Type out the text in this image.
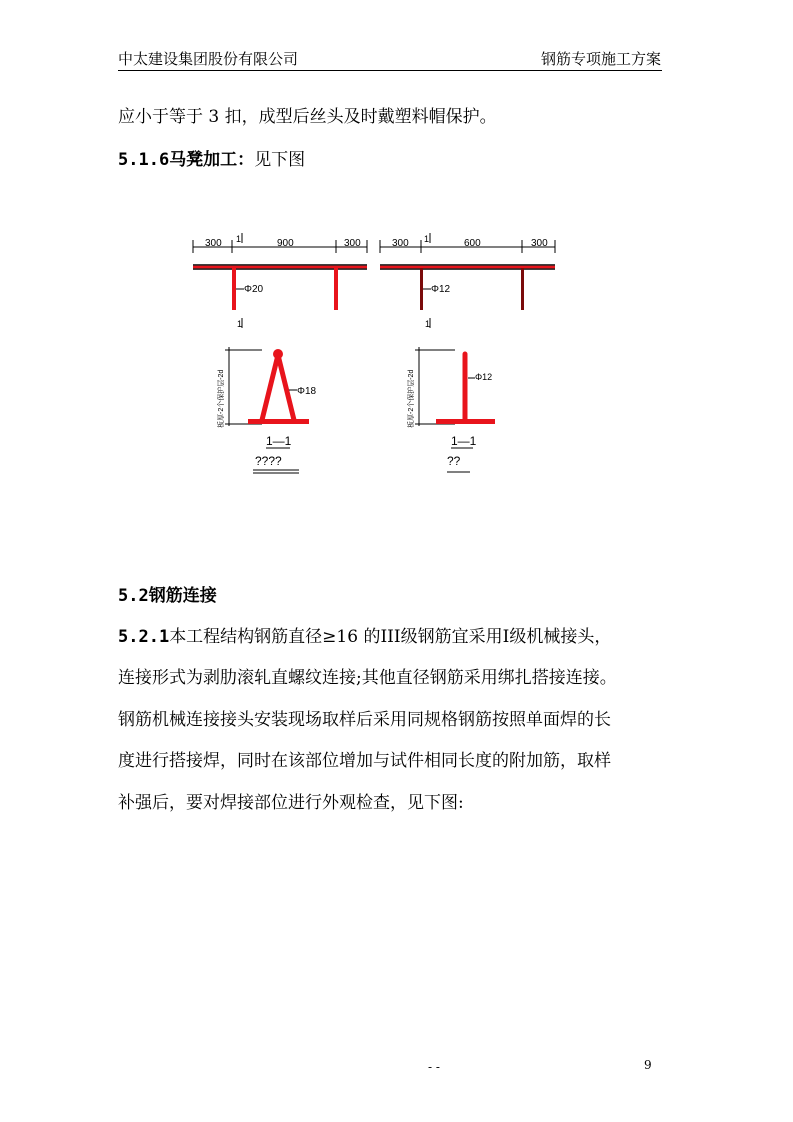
中太建设集团股份有限公司	钢筋专项施工方案
应小于等于 3 扣，成型后丝头及时戴塑料帽保护。
5.1.6马凳加工：见下图
300	900	300
1
Φ20
1
300	600	300
1
Φ12
1
板厚-2个保护层-2d	Φ18
1—1
????
板厚-2个保护层-2d	Φ12
1—1
??
5.2钢筋连接
5.2.1本工程结构钢筋直径≥16 的III级钢筋宜采用Ⅰ级机械接头，
连接形式为剥肋滚轧直螺纹连接;其他直径钢筋采用绑扎搭接连接。
钢筋机械连接接头安装现场取样后采用同规格钢筋按照单面焊的长
度进行搭接焊，同时在该部位增加与试件相同长度的附加筋，取样
补强后，要对焊接部位进行外观检查，见下图:
- -	9
